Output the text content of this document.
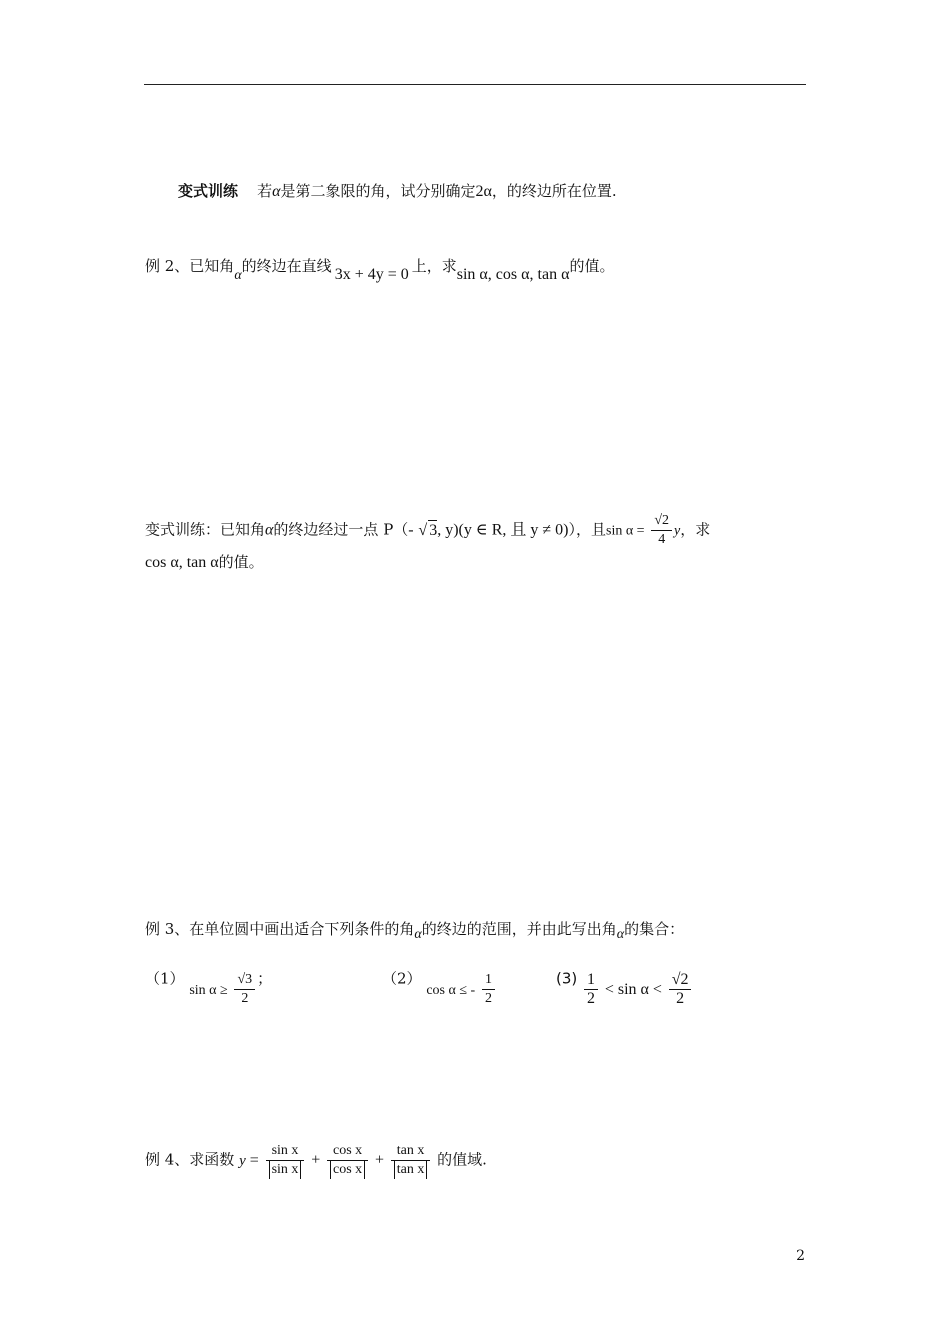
变式训练 若α是第二象限的角，试分别确定2α，的终边所在位置.
例 2、已知角α的终边在直线 3x + 4y = 0 上，求sin α, cos α, tan α的值。
变式训练：已知角α的终边经过一点 P（- √ 3, y)(y ∈ R, 且 y ≠ 0)），且$\sin \alpha = \frac{√2}{4}$ y，求
cos α, tan α的值。
例 3、在单位圆中画出适合下列条件的角α的终边的范围，并由此写出角α的集合：
（1） $\sin \alpha \ge \frac{√3}{2}$ ；	（2） cos α ≤ - $\frac{1}{2}$	$(3) \frac{1}{2} < \sin \alpha < \frac{√2}{2}$
例 4、求函数 $y = \frac{\text{sin x}}{\text{sin x}} + \frac{\text{cos x}}{\text{cos x}} + \frac{\text{tan x}}{\text{tan x}}$ 的值域.
2
